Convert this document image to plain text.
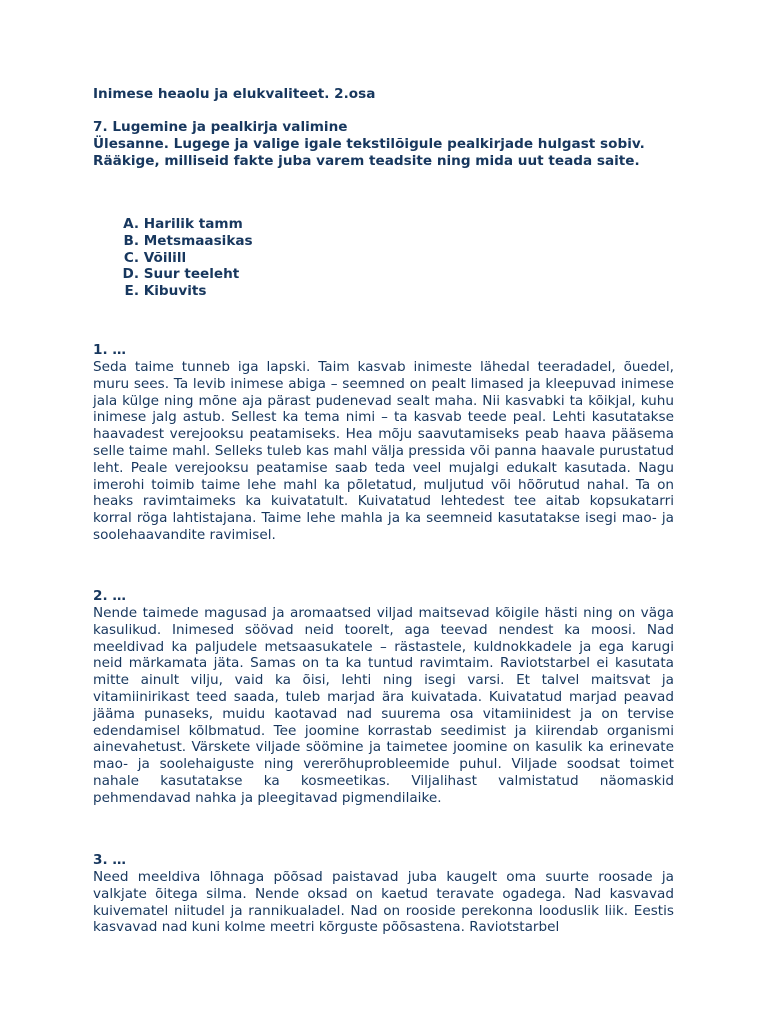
Inimese heaolu ja elukvaliteet. 2.osa
7. Lugemine ja pealkirja valimine
Ülesanne. Lugege ja valige igale tekstilõigule pealkirjade hulgast sobiv.
Rääkige, milliseid fakte juba varem teadsite ning mida uut teada saite.
A.
Harilik tamm
B.
Metsmaasikas
C.
Võilill
D.
Suur teeleht
E.
Kibuvits
1. …

Seda taime tunneb iga lapski. Taim kasvab inimeste lähedal teeradadel, õuedel, muru sees. Ta levib inimese abiga – seemned on pealt limased ja kleepuvad inimese jala külge ning mõne aja pärast pudenevad sealt maha. Nii kasvabki ta kõikjal, kuhu inimese jalg astub. Sellest ka tema nimi – ta kasvab teede peal. Lehti kasutatakse haavadest verejooksu peatamiseks. Hea mõju saavutamiseks peab haava pääsema selle taime mahl. Selleks tuleb kas mahl välja pressida või panna haavale purustatud leht. Peale verejooksu peatamise saab teda veel mujalgi edukalt kasutada. Nagu imerohi toimib taime lehe mahl ka põletatud, muljutud või hõõrutud nahal. Ta on heaks ravimtaimeks ka kuivatatult. Kuivatatud lehtedest tee aitab kopsukatarri korral röga lahtistajana. Taime lehe mahla ja ka seemneid kasutatakse isegi mao- ja soolehaavandite ravimisel.

2. …

Nende taimede magusad ja aromaatsed viljad maitsevad kõigile hästi ning on väga kasulikud. Inimesed söövad neid toorelt, aga teevad nendest ka moosi. Nad meeldivad ka paljudele metsaasukatele – rästastele, kuldnokkadele ja ega karugi neid märkamata jäta. Samas on ta ka tuntud ravimtaim. Raviotstarbel ei kasutata mitte ainult vilju, vaid ka õisi, lehti ning isegi varsi. Et talvel maitsvat ja vitamiinirikast teed saada, tuleb marjad ära kuivatada. Kuivatatud marjad peavad jääma punaseks, muidu kaotavad nad suurema osa vitamiinidest ja on tervise edendamisel kõlbmatud. Tee joomine korrastab seedimist ja kiirendab organismi ainevahetust. Värskete viljade söömine ja taimetee joomine on kasulik ka erinevate mao- ja soolehaiguste ning vererõhuprobleemide puhul. Viljade soodsat toimet nahale kasutatakse ka kosmeetikas. Viljalihast valmistatud näomaskid pehmendavad nahka ja pleegitavad pigmendilaike.

3. …

Need meeldiva lõhnaga põõsad paistavad juba kaugelt oma suurte roosade ja valkjate õitega silma. Nende oksad on kaetud teravate ogadega. Nad kasvavad kuivematel niitudel ja rannikualadel. Nad on rooside perekonna looduslik liik. Eestis kasvavad nad kuni kolme meetri kõrguste põõsastena. Raviotstarbel
